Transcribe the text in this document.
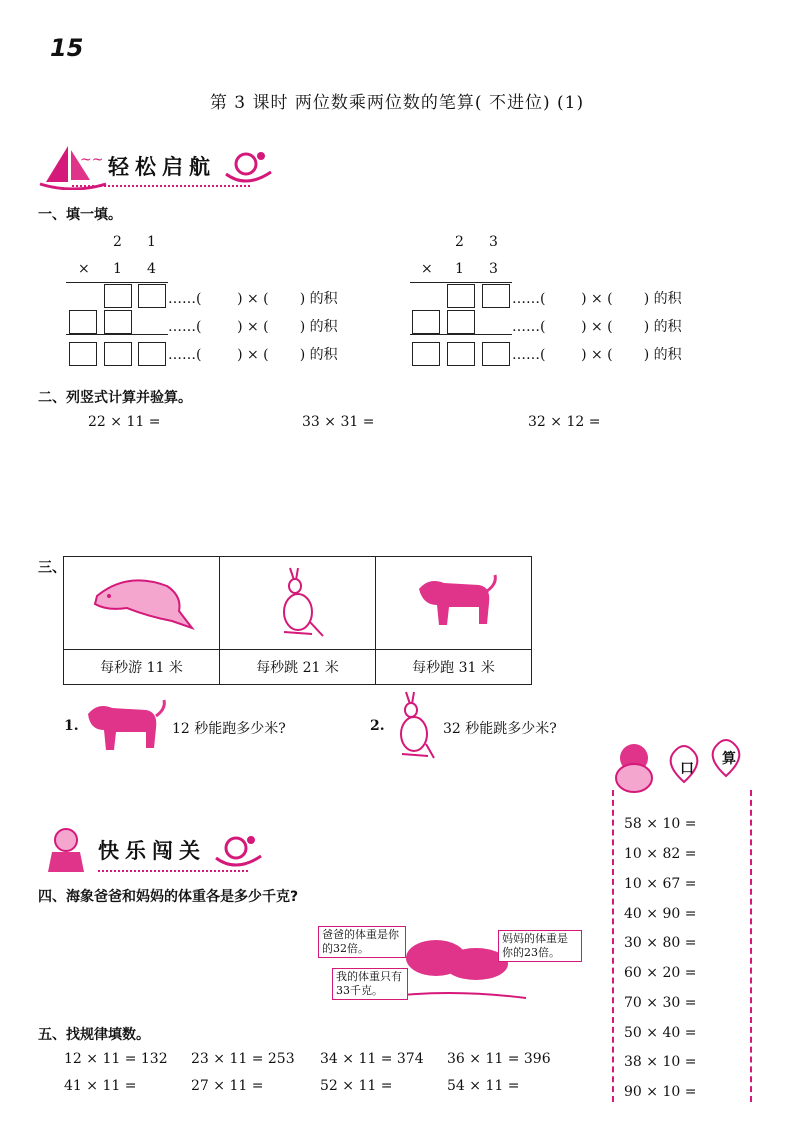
15
第 3 课时 两位数乘两位数的笔算( 不进位) (1)
~~ 轻松启航
一、填一填。
2 1
× 1 4
……(        ) × (       ) 的积
……(        ) × (       ) 的积
……(        ) × (       ) 的积
2 3
× 1 3
……(        ) × (       ) 的积
……(        ) × (       ) 的积
……(        ) × (       ) 的积
二、列竖式计算并验算。
22 × 11 =	33 × 31 =	32 × 12 =
三、

每秒游 11 米	每秒跳 21 米	每秒跑 31 米
1.	12 秒能跑多少米?	2.	32 秒能跳多少米?
口
算
58 × 10 =
10 × 82 =
10 × 67 =
40 × 90 =
30 × 80 =
60 × 20 =
70 × 30 =
50 × 40 =
38 × 10 =
90 × 10 =
快乐闯关
四、海象爸爸和妈妈的体重各是多少千克?
爸爸的体重是你的32倍。
妈妈的体重是你的23倍。
我的体重只有33千克。
五、找规律填数。
12 × 11 = 132 23 × 11 = 253 34 × 11 = 374 36 × 11 = 396
41 × 11 =	27 × 11 =	52 × 11 =	54 × 11 =
